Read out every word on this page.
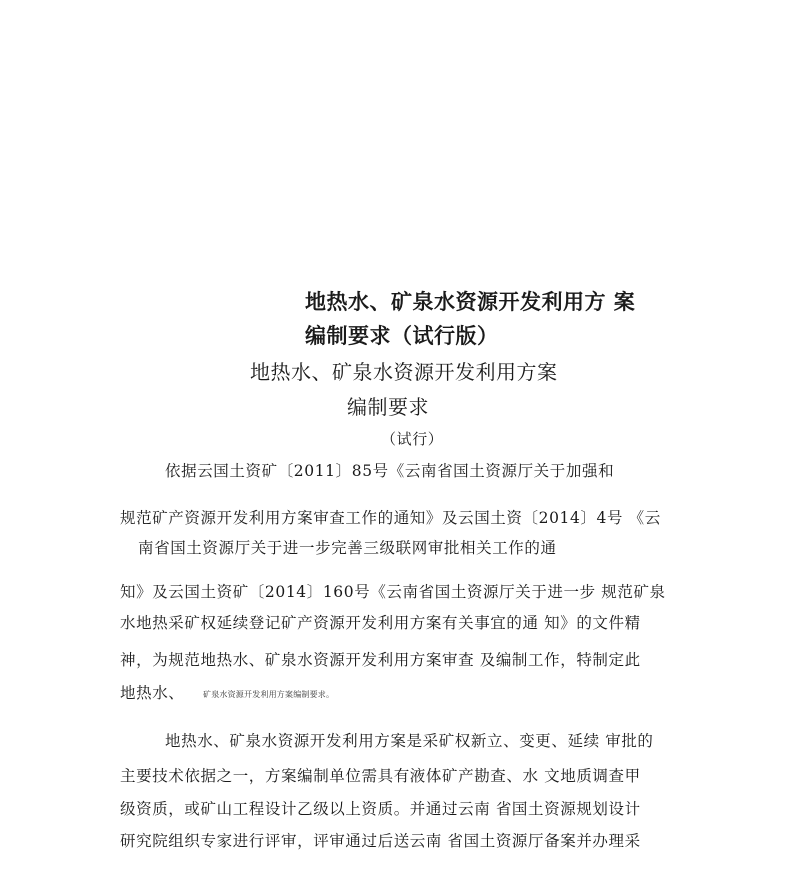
地热水、矿泉水资源开发利用方 案
编制要求（试行版）
地热水、矿泉水资源开发利用方案
编制要求
（试行）
依据云国土资矿〔2011〕85号《云南省国土资源厅关于加强和
规范矿产资源开发利用方案审查工作的通知》及云国土资〔2014〕4号 《云
南省国土资源厅关于进一步完善三级联网审批相关工作的通
知》及云国土资矿〔2014〕160号《云南省国土资源厅关于进一步 规范矿泉
水地热采矿权延续登记矿产资源开发利用方案有关事宜的通 知》的文件精
神，为规范地热水、矿泉水资源开发利用方案审查 及编制工作，特制定此
地热水、 矿泉水资源开发利用方案编制要求。
地热水、矿泉水资源开发利用方案是采矿权新立、变更、延续 审批的
主要技术依据之一，方案编制单位需具有液体矿产勘查、水 文地质调查甲
级资质，或矿山工程设计乙级以上资质。并通过云南 省国土资源规划设计
研究院组织专家进行评审，评审通过后送云南 省国土资源厅备案并办理采
